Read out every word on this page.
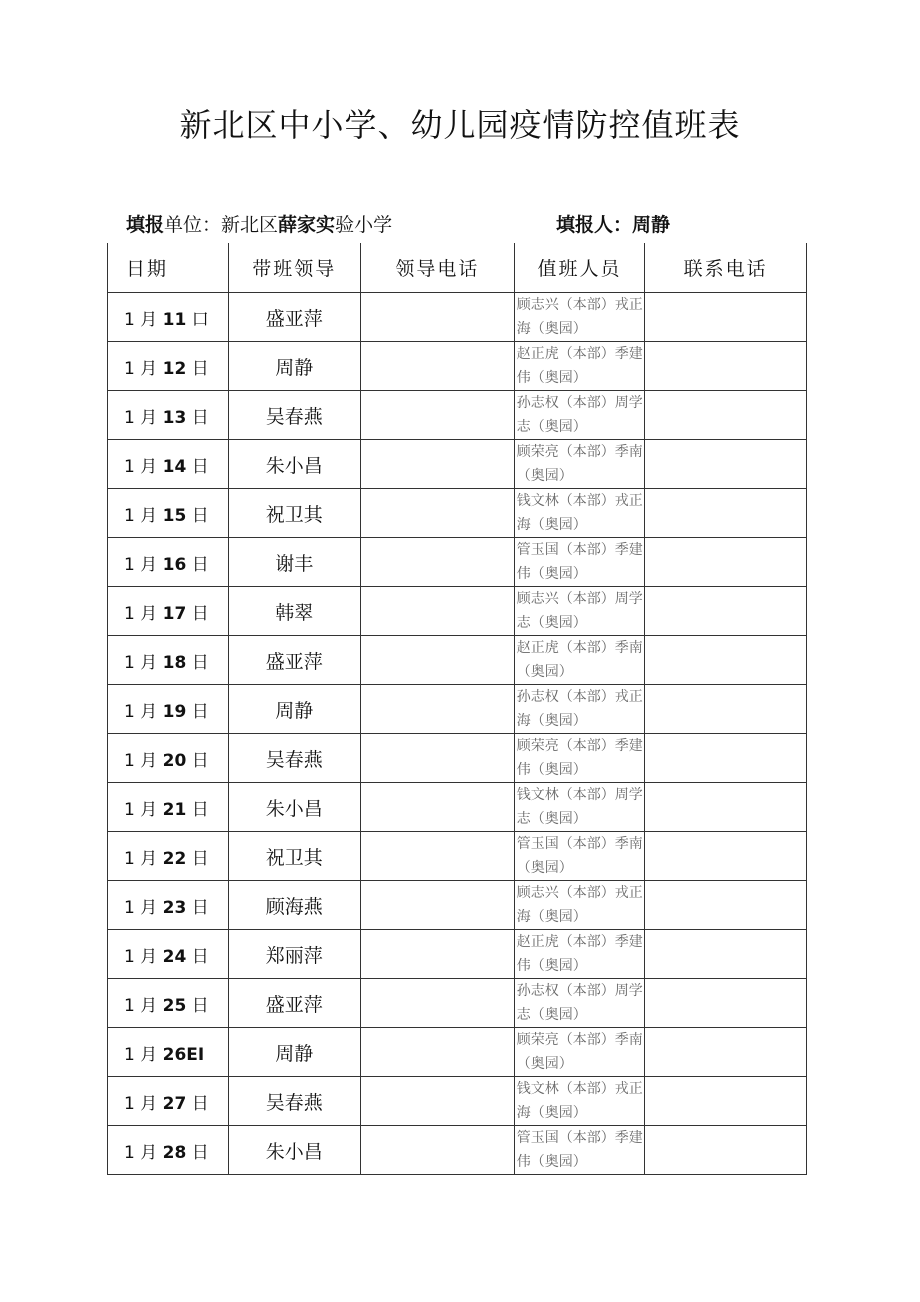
新北区中小学、幼儿园疫情防控值班表
填报单位：新北区薛家实验小学	填报人：周静
日期	带班领导	领导电话	值班人员	联系电话
1 月 11 口	盛亚萍		顾志兴（本部）戎正海（奥园）	

1 月 12 日	周静		赵正虎（本部）季建伟（奥园）	

1 月 13 日	吴春燕		孙志权（本部）周学志（奥园）	

1 月 14 日	朱小昌		顾荣亮（本部）季南（奥园）	

1 月 15 日	祝卫其		钱文林（本部）戎正海（奥园）	

1 月 16 日	谢丰		管玉国（本部）季建伟（奥园）	

1 月 17 日	韩翠		顾志兴（本部）周学志（奥园）	

1 月 18 日	盛亚萍		赵正虎（本部）季南（奥园）	

1 月 19 日	周静		孙志权（本部）戎正海（奥园）	

1 月 20 日	吴春燕		顾荣亮（本部）季建伟（奥园）	

1 月 21 日	朱小昌		钱文林（本部）周学志（奥园）	

1 月 22 日	祝卫其		管玉国（本部）季南（奥园）	

1 月 23 日	顾海燕		顾志兴（本部）戎正海（奥园）	

1 月 24 日	郑丽萍		赵正虎（本部）季建伟（奥园）	

1 月 25 日	盛亚萍		孙志权（本部）周学志（奥园）	

1 月 26EI	周静		顾荣亮（本部）季南（奥园）	

1 月 27 日	吴春燕		钱文林（本部）戎正海（奥园）	

1 月 28 日	朱小昌		管玉国（本部）季建伟（奥园）	
